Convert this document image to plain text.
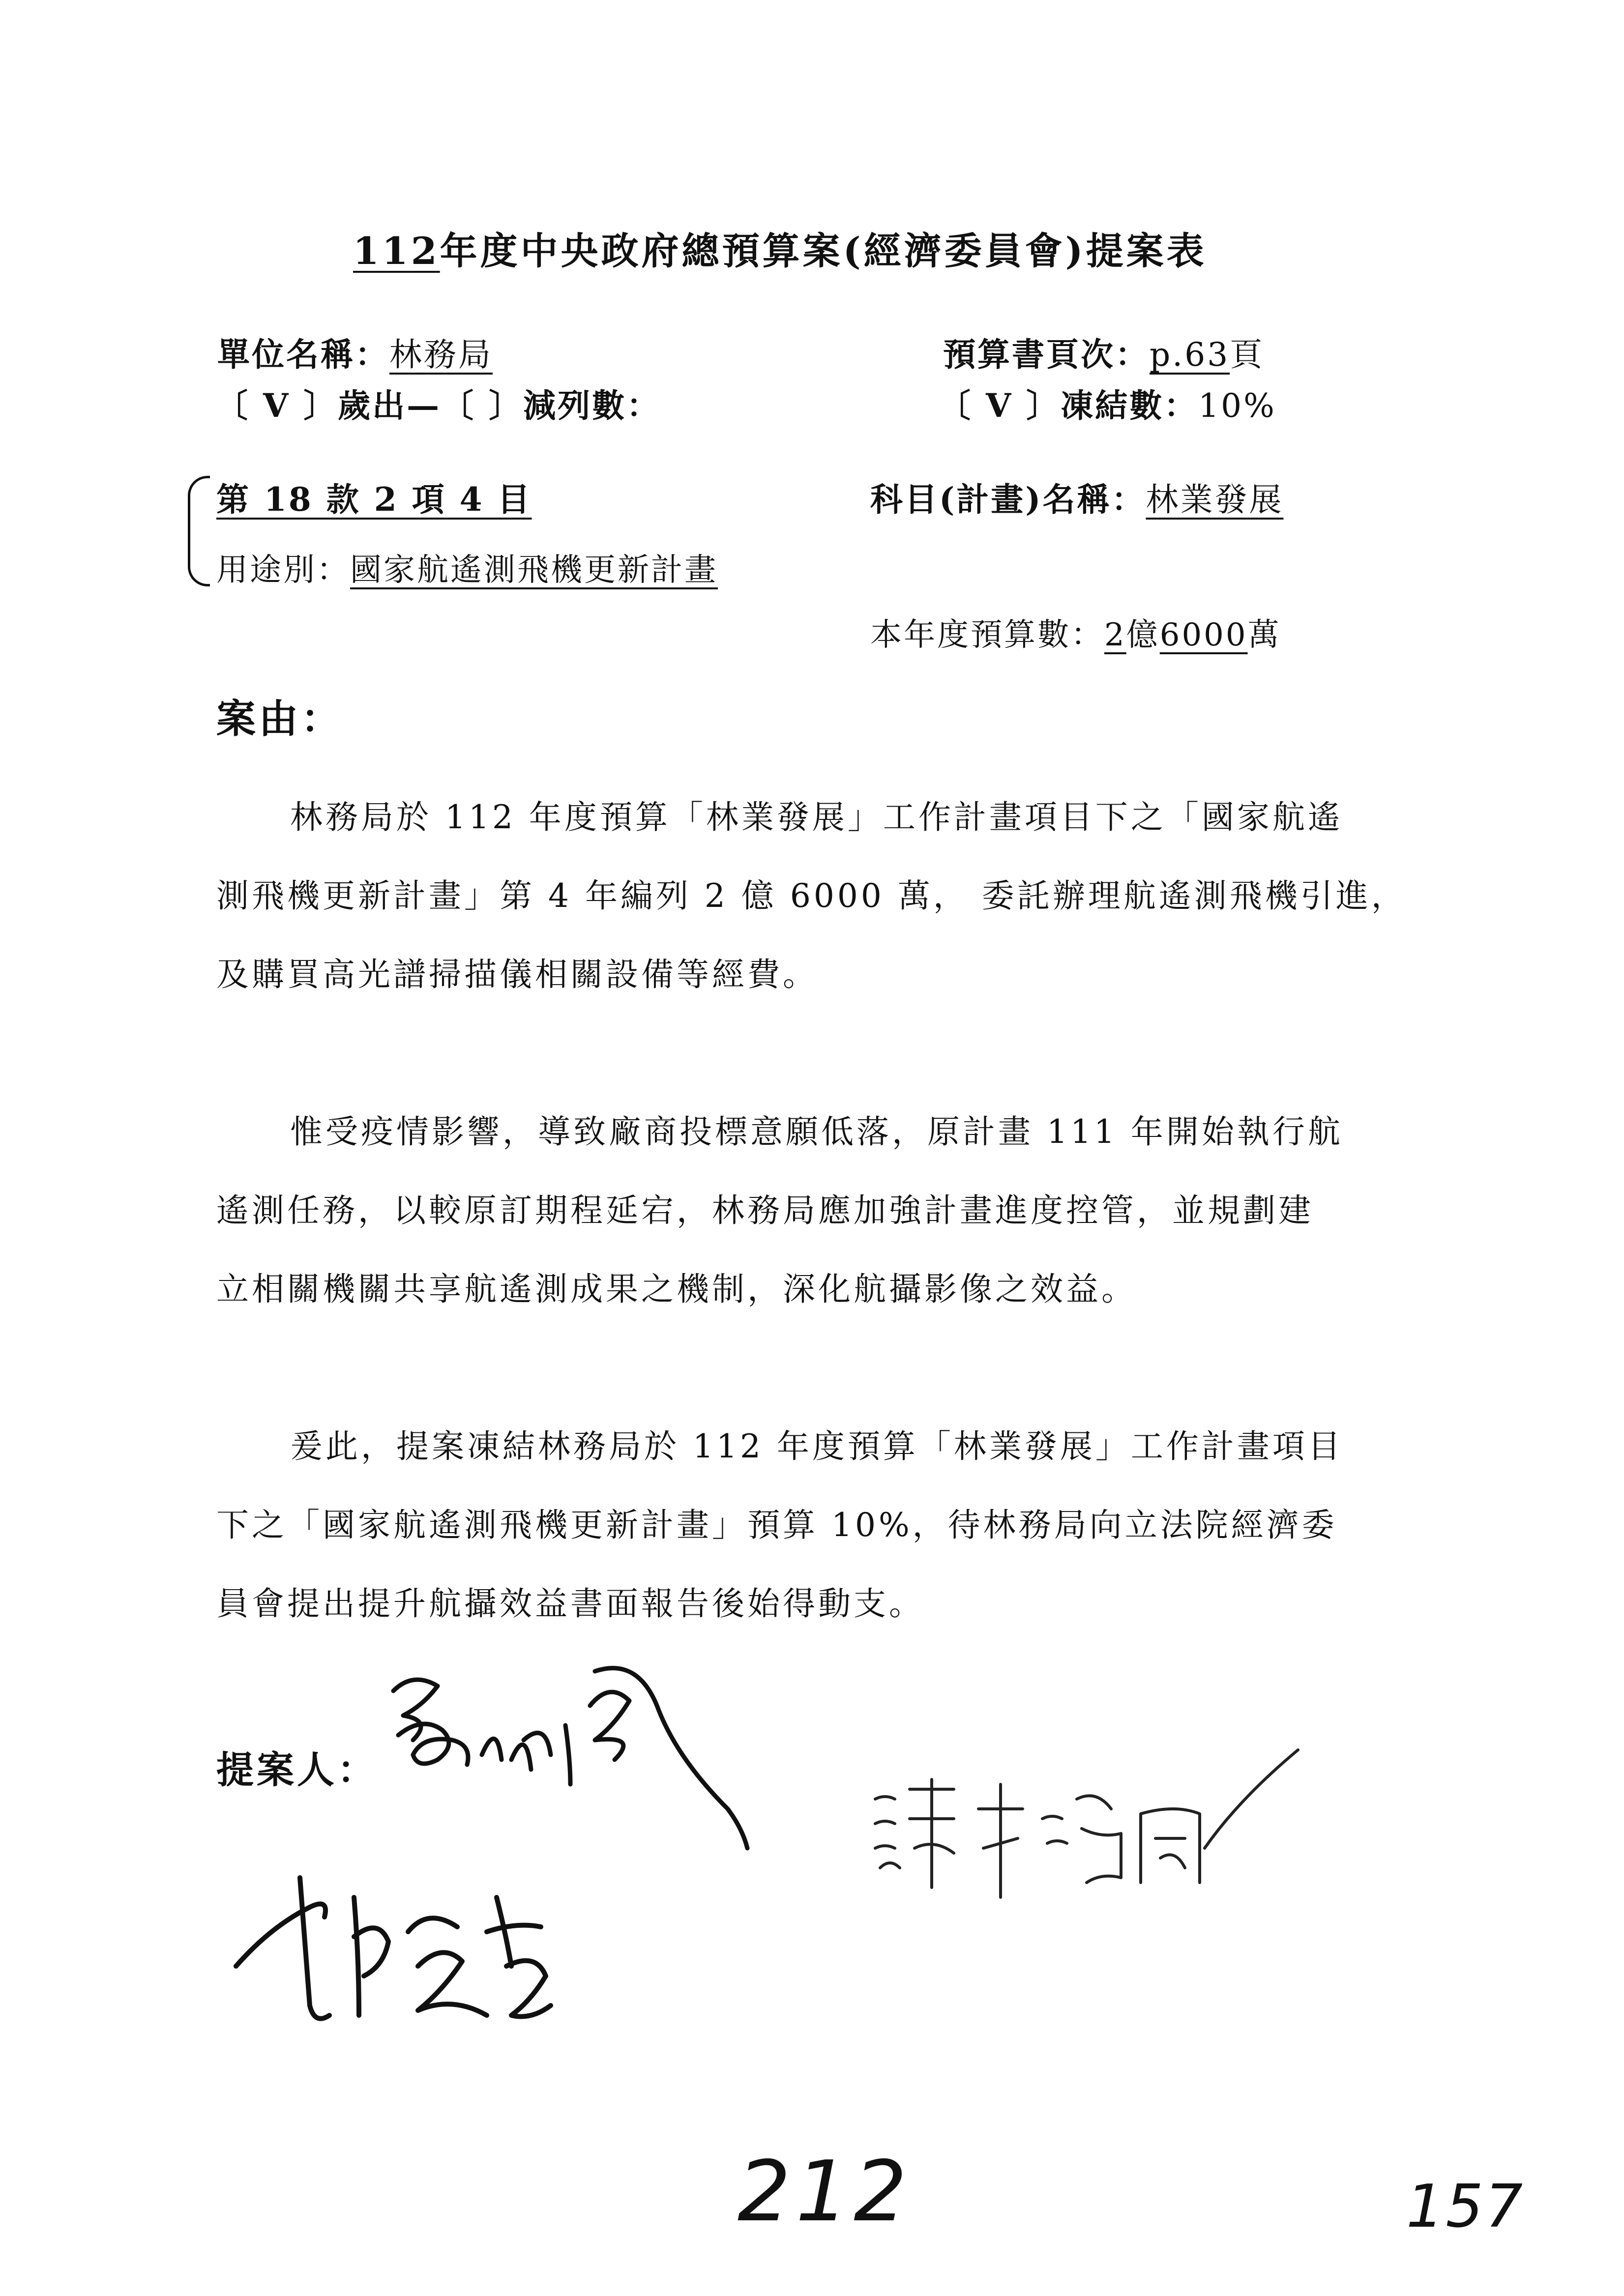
112年度中央政府總預算案(經濟委員會)提案表
單位名稱：林務局	預算書頁次：p.63頁
〔 V 〕歲出—〔 〕減列數：	〔 V 〕凍結數：10%
第 18 款 2 項 4 目	科目(計畫)名稱：林業發展
用途別：國家航遙測飛機更新計畫
本年度預算數：2億6000萬
案由：
林務局於 112 年度預算「林業發展」工作計畫項目下之「國家航遙
測飛機更新計畫」第 4 年編列 2 億 6000 萬， 委託辦理航遙測飛機引進，
及購買高光譜掃描儀相關設備等經費。
惟受疫情影響，導致廠商投標意願低落，原計畫 111 年開始執行航
遙測任務，以較原訂期程延宕，林務局應加強計畫進度控管，並規劃建
立相關機關共享航遙測成果之機制，深化航攝影像之效益。
爰此，提案凍結林務局於 112 年度預算「林業發展」工作計畫項目
下之「國家航遙測飛機更新計畫」預算 10%，待林務局向立法院經濟委
員會提出提升航攝效益書面報告後始得動支。
提案人：
212	157
